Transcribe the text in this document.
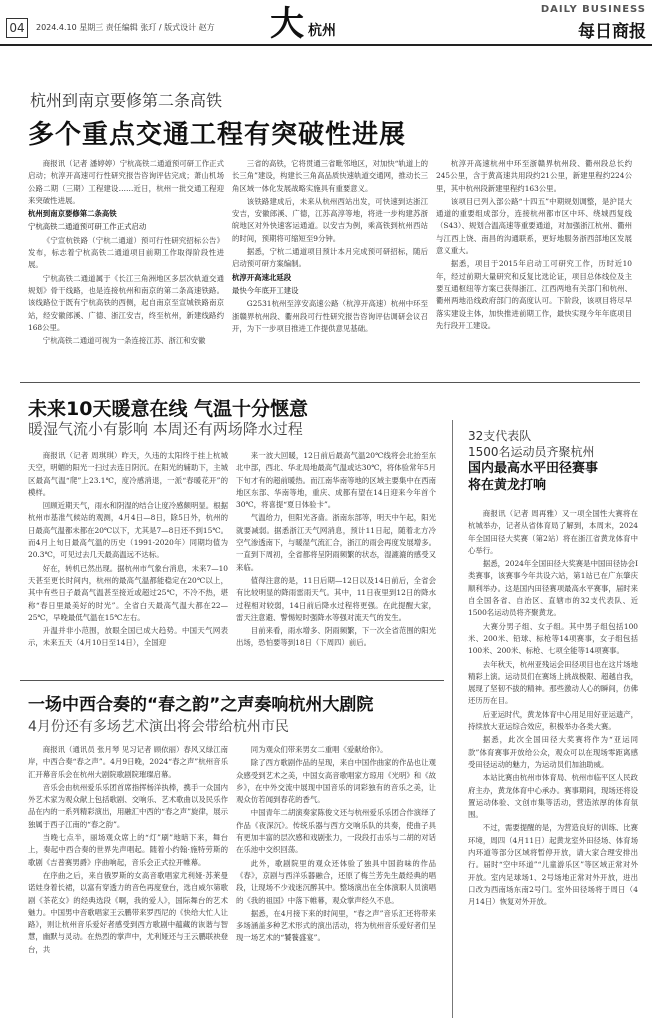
04	2024.4.10 星期三 责任编辑 张玎 / 版式设计 赵方 大 杭州
DAILY BUSINESS
每日商报
杭州到南京要修第二条高铁
多个重点交通工程有突破性进展

商报讯（记者 潘婷婷）宁杭高铁二通道预可研工作正式启动；杭淳开高速可行性研究报告咨询评估完成；萧山机场公路二期（三期）工程建设……近日，杭州一批交通工程迎来突破性进展。

杭州到南京要修第二条高铁

宁杭高铁二通道预可研工作正式启动

《宁宣杭铁路（宁杭二通道）预可行性研究招标公告》发布，标志着宁杭高铁二通道项目前期工作取得阶段性进展。

宁杭高铁二通道属于《长江三角洲地区多层次轨道交通规划》骨干线路，也是连接杭州和南京的第二条高速铁路。该线路位于既有宁杭高铁的西侧，起自南京至宣城铁路南京站，经安徽郎溪、广德、浙江安吉，终至杭州，新建线路约168公里。

宁杭高铁二通道可视为一条连接江苏、浙江和安徽

三省的高铁，它将贯通三省毗邻地区，对加快“轨道上的长三角”建设，构建长三角高品质快速轨道交通网，推动长三角区域一体化发展战略实施具有重要意义。

该铁路建成后，未来从杭州西站出发，可快速到达浙江安吉，安徽郎溪、广德，江苏高淳等地，将进一步构建苏浙皖地区对外快速客运通道。以安吉为例，乘高铁到杭州西站的时间，预期将可缩短至9分钟。

据悉，宁杭二通道项目预计本月完成预可研招标，随后启动预可研方案编制。

杭淳开高速北延段

最快今年底开工建设

G2531杭州至淳安高速公路（杭淳开高速）杭州中环至浙赣界杭州段、衢州段可行性研究报告咨询评估调研会议召开，为下一步项目推进工作提供意见基础。

杭淳开高速杭州中环至浙赣界杭州段、衢州段总长约245公里，含于黄高速共用段约21公里，新建里程约224公里，其中杭州段新建里程约163公里。

该项目已列入部公路“十四五”中期规划调整，是沪昆大通道的重要组成部分，连接杭州都市区中环、绕城西复线（S43）、规划合温高速等重要通道，对加强浙江杭州、衢州与江西上饶、南昌的沟通联系，更好地服务浙西部地区发展意义重大。

据悉，项目于2015年启动工可研究工作，历时近10年，经过前期大量研究和反复比选论证，项目总体线位及主要互通枢纽等方案已获得浙江、江西两地有关部门和杭州、衢州两地沿线政府部门的高度认可。下阶段，该项目将尽早落实建设主体，加快推进前期工作，最快实现今年年底项目先行段开工建设。

未来10天暖意在线 气温十分惬意
暖湿气流小有影响 本周还有两场降水过程

商报讯（记者 周琪琪）昨天，久违的太阳终于挂上杭城天空，明媚的阳光一扫过去连日阴沉。在阳光的辅助下，主城区最高气温“爬”上23.1℃，度冷感消退，一派“春暖花开”的模样。

回顾近期天气，雨水和阴湿的结合让度冷感颇明显。根据杭州市基准气候站的观测，4月4日—8日，除5日外，杭州的日最高气温都未都在20℃以下，尤其是7—8日还不到15℃。而4月上旬日最高气温的历史（1991-2020年）同期均值为20.3℃，可见过去几天最高温远不达标。

好在，转机已然出现。据杭州市气象台消息，未来7—10天甚至更长时间内，杭州的最高气温都能稳定在20℃以上，其中有些日子最高气温甚至接近或超过25℃，不冷不热，堪称“春日里最美好的时光”。全省白天最高气温大都在22—25℃，早晚最低气温在15℃左右。

升温并非小范围，放眼全国已成大趋势。中国天气网表示，未来五天（4月10日至14日），全国迎

来一波大回暖，12日前后最高气温20℃线将会北抬至东北中部，西北、华北局地最高气温或达30℃，将体验常年5月下旬才有的超前暖热。而江南华南等地的区域主要集中在西南地区东部、华南等地，重庆、成都有望在14日迎来今年首个30℃，将喜提“夏日体验卡”。

气温给力，但阳光吝啬。浙南东部等，明天中午起，阳光就要减弱。据悉浙江天气网消息，预计11日起，随着北方冷空气渗透南下，与暖湿气流汇合，浙江的雨会再度发展增多。一直到下周初，全省都将呈阴雨频繁的状态，湿漉漉的感受又来临。

值得注意的是，11日后期—12日以及14日前后，全省会有比较明显的降雨雷雨天气。其中，11日夜里到12日的降水过程相对较弱，14日前后降水过程将更强。在此提醒大家，雷天注意避、警惕短时强降水等强对流天气的发生。

目前来看，雨水增多、阴雨频繁，下一次全省范围的阳光出场，恐怕要等到18日（下周四）前后。

32支代表队
1500名运动员齐聚杭州
国内最高水平田径赛事
将在黄龙打响

商报讯（记者 周再雅）又一项全国性大赛将在杭城举办，记者从省体育局了解到，本周末，2024年全国田径大奖赛（第2站）将在浙江省黄龙体育中心举行。

据悉，2024年全国田径大奖赛是中国田径协会Ⅰ类赛事，该赛事今年共设六站，第1站已在广东肇庆顺利举办。这是国内田径赛项最高水平赛事，届时来自全国各省、自治区、直辖市的32支代表队、近1500名运动员将齐聚黄龙。

大赛分男子组、女子组。其中男子组包括100米、200米、铅球、标枪等14项赛事，女子组包括100米、200米、标枪、七项全能等14项赛事。

去年秋天，杭州亚残运会田径项目也在这片场地精彩上演。运动员们在赛场上挑战极限、超越自我，展现了坚韧不拔的精神。那些激动人心的瞬间，仿佛还历历在目。

后亚运时代，黄龙体育中心用足用好亚运遗产，持续放大亚运综合效应，积极举办各类大赛。

据悉，此次全国田径大奖赛将作为“亚运同款”体育赛事开放给公众，观众可以在现场零距离感受田径运动的魅力，为运动员们加油助威。

本站比赛由杭州市体育局、杭州市临平区人民政府主办，黄龙体育中心承办。赛事期间，现场还将设置运动体验、文创市集等活动，营造浓厚的体育氛围。

不过，需要提醒的是，为营造良好的训练、比赛环境，周四（4月11日）起黄龙室外田径场、体育场内环道等部分区域将暂停开放，请大家合理安排出行。届时“空中环道”“儿童游乐区”等区域正常对外开放。室内足球场1、2号场地正常对外开放，进出口改为西南场东南2号门。室外田径场将于周日（4月14日）恢复对外开放。

一场中西合奏的“春之韵”之声奏响杭州大剧院
4月份还有多场艺术演出将会带给杭州市民

商报讯（通讯员 张月琴 见习记者 顾依丽）春风又绿江南岸，中西合奏“春之声”。4月9日晚，2024“春之声”杭州音乐汇开幕音乐会在杭州大剧院歌剧院璀璨启幕。

音乐会由杭州爱乐乐团首席指挥杨洋执棒，携手一众国内外艺术家为观众献上包括歌剧、交响乐、艺术歌曲以及民乐作品在内的一系列精彩演出，用融汇中西的“春之声”旋律，展示独属于西子江南的“春之韵”。

当晚七点半，丽场观众席上的“灯”刷”地暗下来，舞台上，奏起中西合奏的世界先声唱起。随着小约翰·施特劳斯的歌剧《吉普赛男爵》序曲响起，音乐会正式拉开帷幕。

在序曲之后，来自俄罗斯的女高音歌唱家尤利娅·苏莱曼诺娃身着长裙，以富有穿透力的音色再度登台，选自威尔第歌剧《茶花女》的经典选段《啊，我的爱人》，国际舞台的艺术魅力。中国男中音歌唱家王云鹏带来罗西尼的《快给大忙人让路》，则让杭州音乐爱好者感受到西方歌剧中蕴藏的诙谐与智慧，幽默与灵动。在热烈的掌声中，尤利娅还与王云鹏联袂登台，共

同为观众们带来男女二重唱《爱献给你》。

除了西方歌剧作品的呈现，来自中国作曲家的作品也让观众感受到艺术之美，中国女高音歌唱家方琼用《光明》和《故乡》，在中外交流中展现中国音乐的词彩独有的音乐之美，让观众仿若闻到春花的香气。

中国青年二胡演奏家陈俊文还与杭州爱乐乐团合作演绎了作品《夜深沉》。传统乐器与西方交响乐队的共奏，使曲子具有更加丰富的层次感和戏剧张力，一段段打击乐与二胡的对话在乐池中交织回荡。

此外，歌剧院里的观众还体验了独具中国韵味的作品《春》，京剧与西洋乐器融合，还原了梅兰芳先生最经典的唱段，让现场不少戏迷沉醉其中。整场演出在全体演职人员演唱的《我的祖国》中落下帷幕，观众掌声经久不息。

据悉，在4月接下来的时间里，“春之声”音乐汇还将带来多场涵盖多种艺术形式的演出活动，将为杭州音乐爱好者们呈现一场艺术的“饕餮盛宴”。
